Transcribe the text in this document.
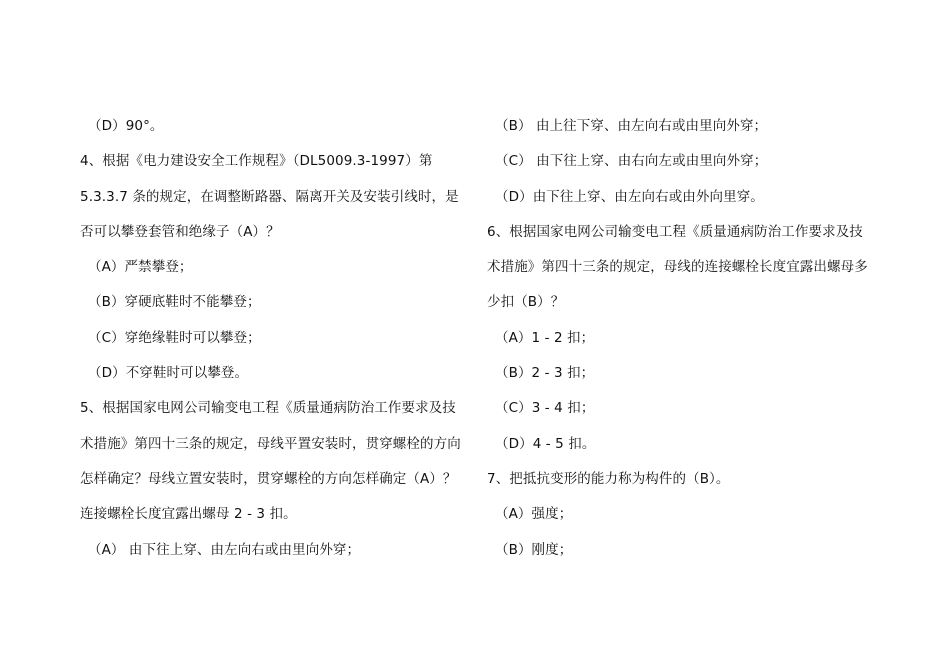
（D）90°。
4、根据《电力建设安全工作规程》（DL5009.3-1997）第
5.3.3.7 条的规定，在调整断路器、隔离开关及安装引线时，是
否可以攀登套管和绝缘子（A）？
（A）严禁攀登；
（B）穿硬底鞋时不能攀登；
（C）穿绝缘鞋时可以攀登；
（D）不穿鞋时可以攀登。
5、根据国家电网公司输变电工程《质量通病防治工作要求及技
术措施》第四十三条的规定，母线平置安装时，贯穿螺栓的方向
怎样确定？母线立置安装时，贯穿螺栓的方向怎样确定（A）？
连接螺栓长度宜露出螺母 2 - 3 扣。
（A） 由下往上穿、由左向右或由里向外穿；
（B） 由上往下穿、由左向右或由里向外穿；
（C） 由下往上穿、由右向左或由里向外穿；
（D）由下往上穿、由左向右或由外向里穿。
6、根据国家电网公司输变电工程《质量通病防治工作要求及技
术措施》第四十三条的规定，母线的连接螺栓长度宜露出螺母多
少扣（B）？
（A）1 - 2 扣；
（B）2 - 3 扣；
（C）3 - 4 扣；
（D）4 - 5 扣。
7、把抵抗变形的能力称为构件的（B）。
（A）强度；
（B）刚度；
